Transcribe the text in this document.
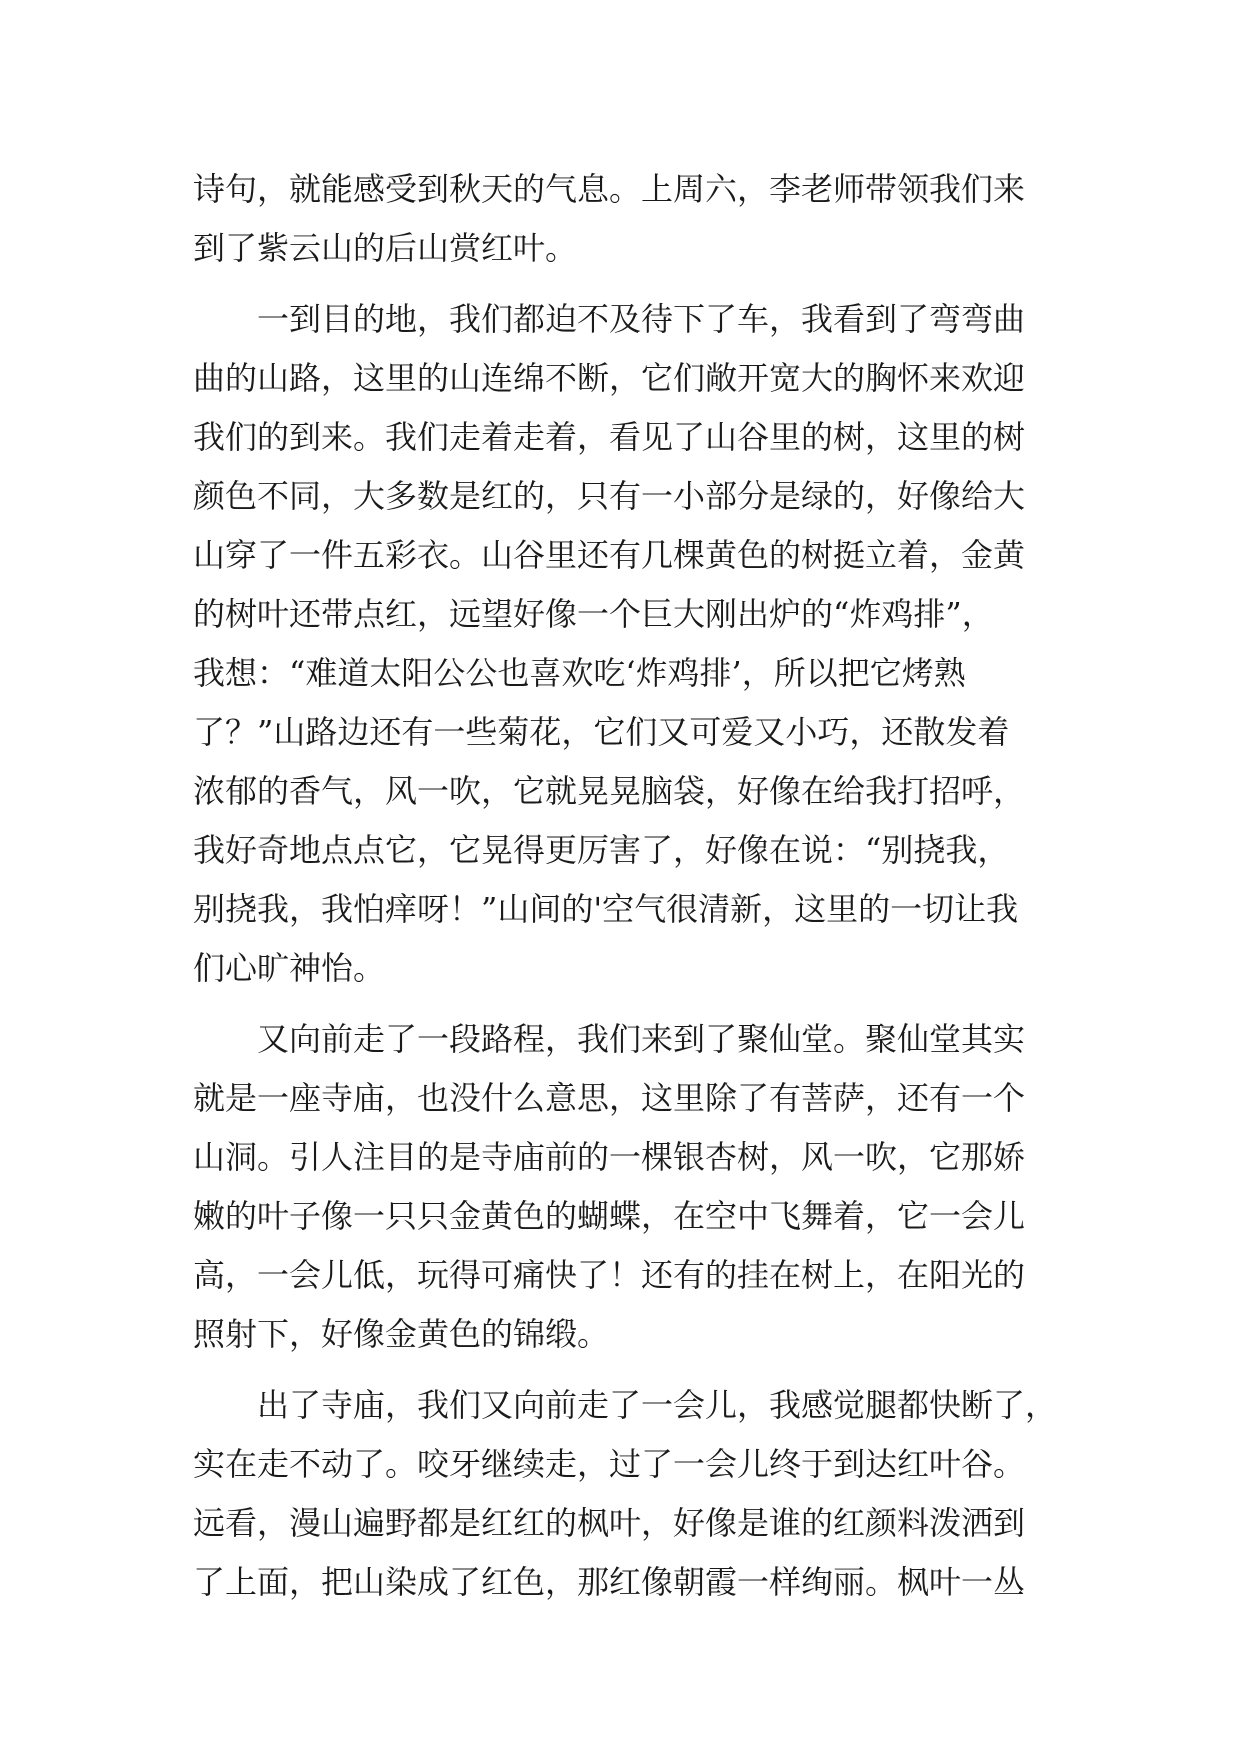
诗句，就能感受到秋天的气息。上周六，李老师带领我们来
到了紫云山的后山赏红叶。
一到目的地，我们都迫不及待下了车，我看到了弯弯曲
曲的山路，这里的山连绵不断，它们敞开宽大的胸怀来欢迎
我们的到来。我们走着走着，看见了山谷里的树，这里的树
颜色不同，大多数是红的，只有一小部分是绿的，好像给大
山穿了一件五彩衣。山谷里还有几棵黄色的树挺立着，金黄
的树叶还带点红，远望好像一个巨大刚出炉的“炸鸡排”，
我想：“难道太阳公公也喜欢吃‘炸鸡排’，所以把它烤熟
了？”山路边还有一些菊花，它们又可爱又小巧，还散发着
浓郁的香气，风一吹，它就晃晃脑袋，好像在给我打招呼，
我好奇地点点它，它晃得更厉害了，好像在说：“别挠我，
别挠我，我怕痒呀！”山间的'空气很清新，这里的一切让我
们心旷神怡。
又向前走了一段路程，我们来到了聚仙堂。聚仙堂其实
就是一座寺庙，也没什么意思，这里除了有菩萨，还有一个
山洞。引人注目的是寺庙前的一棵银杏树，风一吹，它那娇
嫩的叶子像一只只金黄色的蝴蝶，在空中飞舞着，它一会儿
高，一会儿低，玩得可痛快了！还有的挂在树上，在阳光的
照射下，好像金黄色的锦缎。
出了寺庙，我们又向前走了一会儿，我感觉腿都快断了，
实在走不动了。咬牙继续走，过了一会儿终于到达红叶谷。
远看，漫山遍野都是红红的枫叶，好像是谁的红颜料泼洒到
了上面，把山染成了红色，那红像朝霞一样绚丽。枫叶一丛
